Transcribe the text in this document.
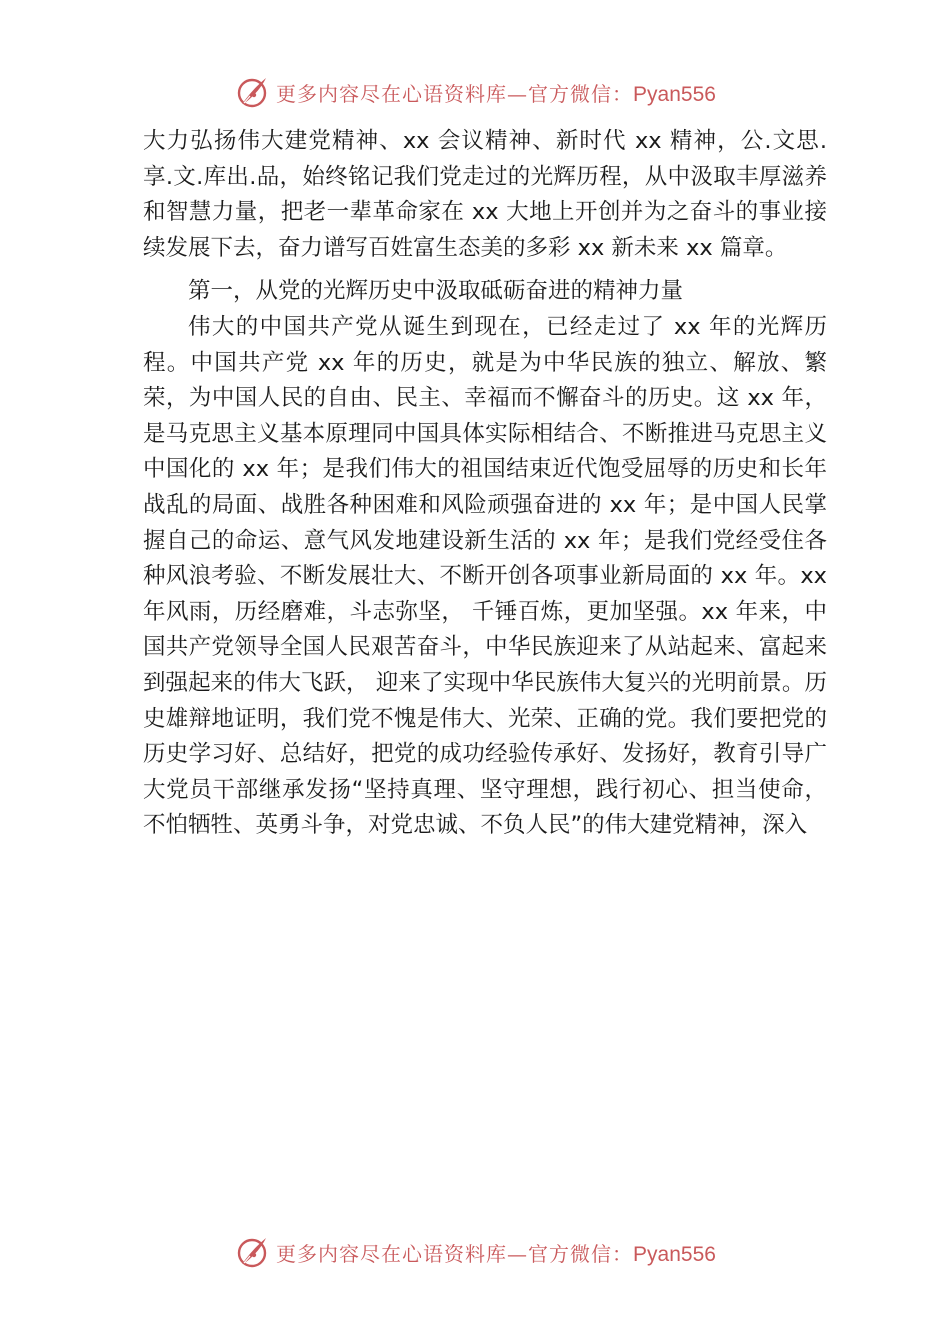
更多内容尽在心语资料库—官方微信：Pyan556

大力弘扬伟大建党精神、xx 会议精神、新时代 xx 精神，公.文思. 享.文.库出.品，始终铭记我们党走过的光辉历程，从中汲取丰厚滋养和智慧力量，把老一辈革命家在 xx 大地上开创并为之奋斗的事业接续发展下去，奋力谱写百姓富生态美的多彩 xx 新未来 xx 篇章。

第一，从党的光辉历史中汲取砥砺奋进的精神力量

伟大的中国共产党从诞生到现在，已经走过了 xx 年的光辉历程。中国共产党 xx 年的历史，就是为中华民族的独立、解放、繁荣，为中国人民的自由、民主、幸福而不懈奋斗的历史。这 xx 年，是马克思主义基本原理同中国具体实际相结合、不断推进马克思主义中国化的 xx 年；是我们伟大的祖国结束近代饱受屈辱的历史和长年战乱的局面、战胜各种困难和风险顽强奋进的 xx 年；是中国人民掌握自己的命运、意气风发地建设新生活的 xx 年；是我们党经受住各种风浪考验、不断发展壮大、不断开创各项事业新局面的 xx 年。xx 年风雨，历经磨难，斗志弥坚， 千锤百炼，更加坚强。xx 年来，中国共产党领导全国人民艰苦奋斗，中华民族迎来了从站起来、富起来到强起来的伟大飞跃， 迎来了实现中华民族伟大复兴的光明前景。历史雄辩地证明，我们党不愧是伟大、光荣、正确的党。我们要把党的历史学习好、总结好，把党的成功经验传承好、发扬好，教育引导广大党员干部继承发扬“坚持真理、坚守理想，践行初心、担当使命，不怕牺牲、英勇斗争，对党忠诚、不负人民”的伟大建党精神，深入

更多内容尽在心语资料库—官方微信：Pyan556
